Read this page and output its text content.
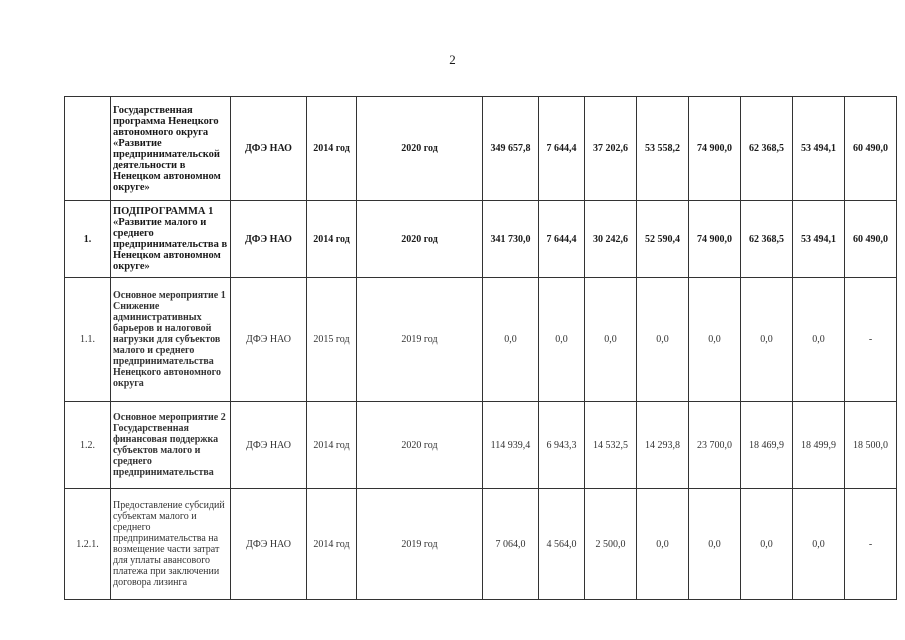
2
	Государственная программа Ненецкого автономного округа «Развитие предпринимательской деятельности в Ненецком автономном округе»	ДФЭ НАО	2014 год	2020 год	349 657,8	7 644,4	37 202,6	53 558,2	74 900,0	62 368,5	53 494,1	60 490,0
1.	ПОДПРОГРАММА 1 «Развитие малого и среднего предпринимательства в Ненецком автономном округе»	ДФЭ НАО	2014 год	2020 год	341 730,0	7 644,4	30 242,6	52 590,4	74 900,0	62 368,5	53 494,1	60 490,0
1.1.	Основное мероприятие 1 Снижение административных барьеров и налоговой нагрузки для субъектов малого и среднего предпринимательства Ненецкого автономного округа	ДФЭ НАО	2015 год	2019 год	0,0	0,0	0,0	0,0	0,0	0,0	0,0	-
1.2.	Основное мероприятие 2 Государственная финансовая поддержка субъектов малого и среднего предпринимательства	ДФЭ НАО	2014 год	2020 год	114 939,4	6 943,3	14 532,5	14 293,8	23 700,0	18 469,9	18 499,9	18 500,0
1.2.1.	Предоставление субсидий субъектам малого и среднего предпринимательства на возмещение части затрат для уплаты авансового платежа при заключении договора лизинга	ДФЭ НАО	2014 год	2019 год	7 064,0	4 564,0	2 500,0	0,0	0,0	0,0	0,0	-
